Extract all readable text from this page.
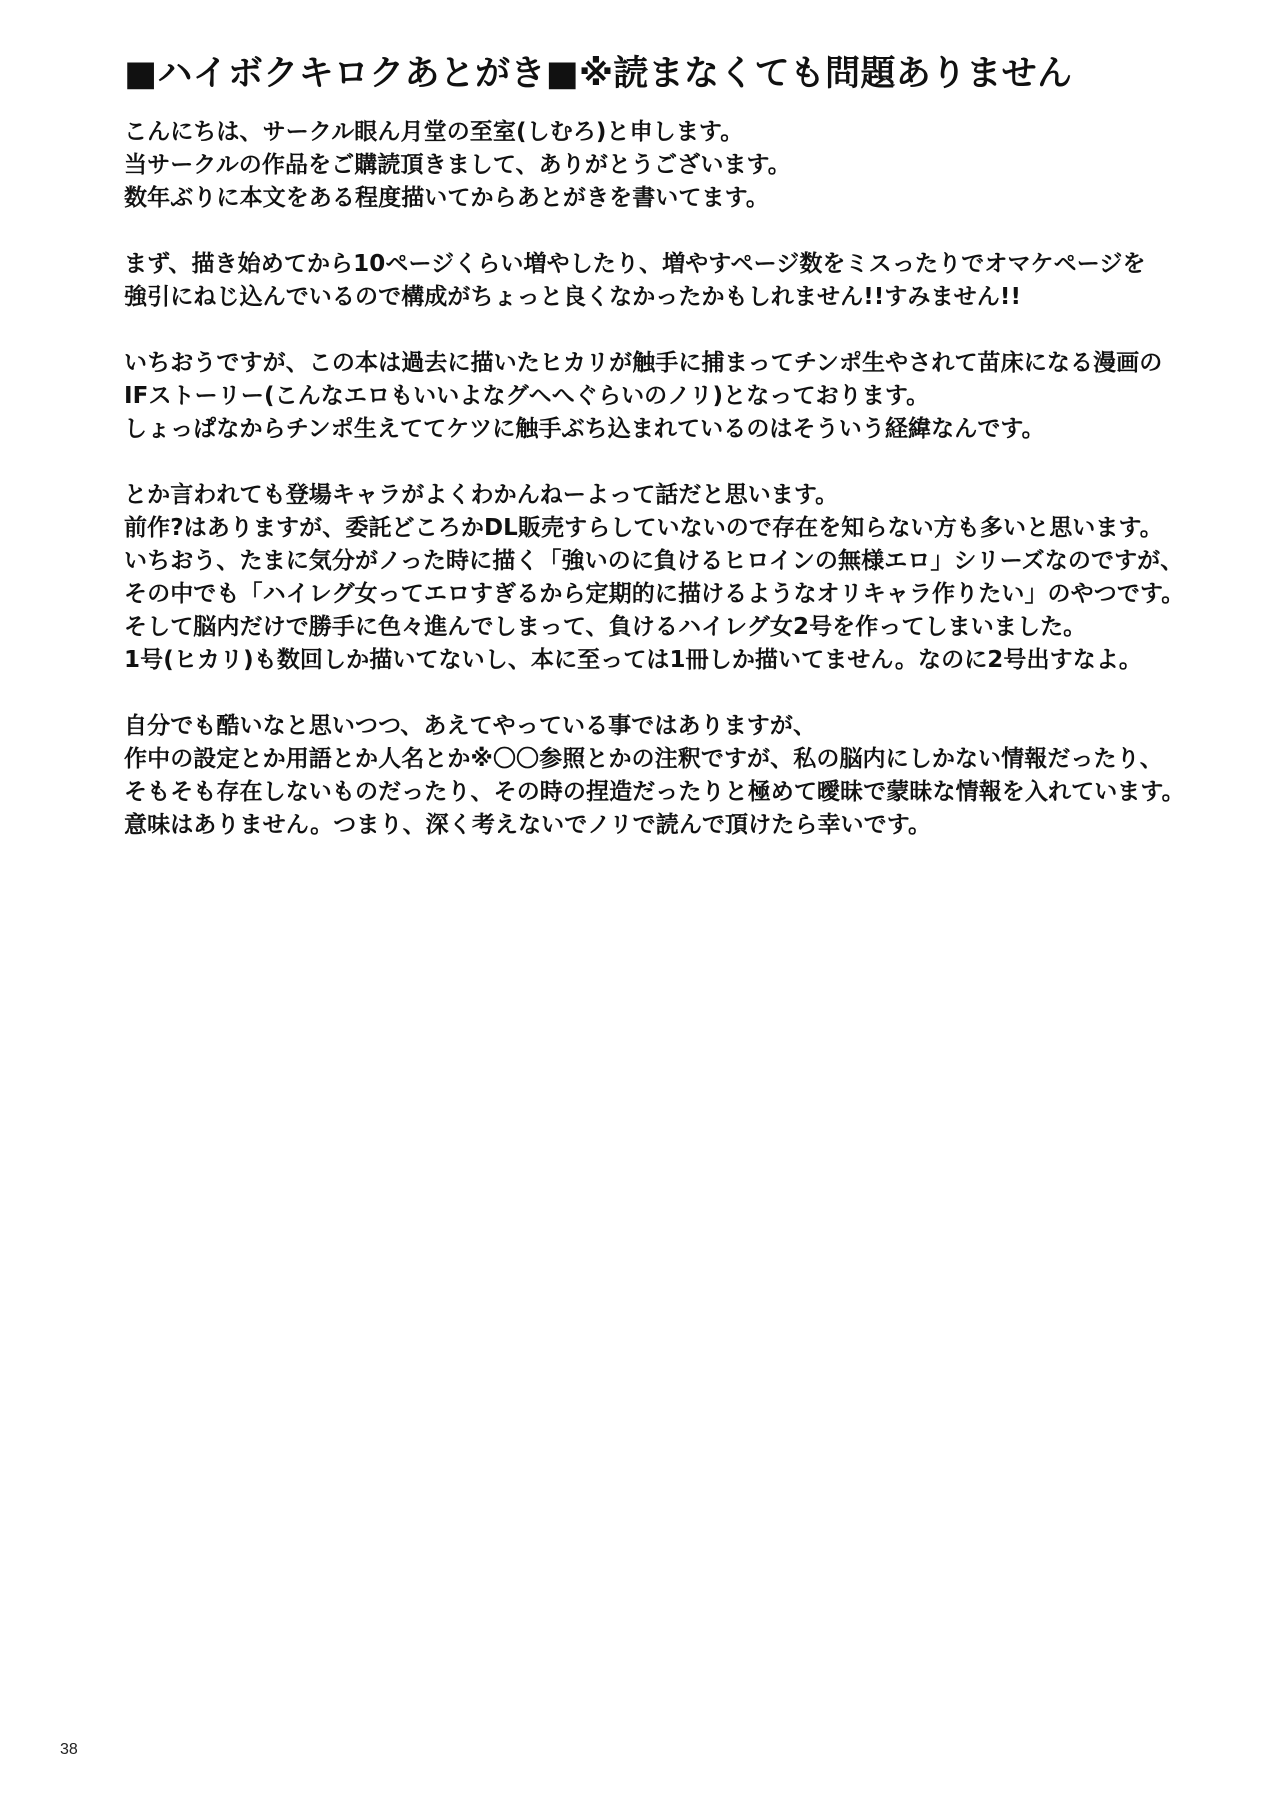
■ハイボクキロクあとがき■※読まなくても問題ありません
こんにちは、サークル眼ん月堂の至室(しむろ)と申します。
当サークルの作品をご購読頂きまして、ありがとうございます。
数年ぶりに本文をある程度描いてからあとがきを書いてます。
まず、描き始めてから10ページくらい増やしたり、増やすページ数をミスったりでオマケページを
強引にねじ込んでいるので構成がちょっと良くなかったかもしれません!!すみません!!
いちおうですが、この本は過去に描いたヒカリが触手に捕まってチンポ生やされて苗床になる漫画の
IFストーリー(こんなエロもいいよなグヘへぐらいのノリ)となっております。
しょっぱなからチンポ生えててケツに触手ぶち込まれているのはそういう経緯なんです。
とか言われても登場キャラがよくわかんねーよって話だと思います。
前作?はありますが、委託どころかDL販売すらしていないので存在を知らない方も多いと思います。
いちおう、たまに気分がノった時に描く「強いのに負けるヒロインの無様エロ」シリーズなのですが、
その中でも「ハイレグ女ってエロすぎるから定期的に描けるようなオリキャラ作りたい」のやつです。
そして脳内だけで勝手に色々進んでしまって、負けるハイレグ女2号を作ってしまいました。
1号(ヒカリ)も数回しか描いてないし、本に至っては1冊しか描いてません。なのに2号出すなよ。
自分でも酷いなと思いつつ、あえてやっている事ではありますが、
作中の設定とか用語とか人名とか※〇〇参照とかの注釈ですが、私の脳内にしかない情報だったり、
そもそも存在しないものだったり、その時の捏造だったりと極めて曖昧で蒙昧な情報を入れています。
意味はありません。つまり、深く考えないでノリで読んで頂けたら幸いです。
38
